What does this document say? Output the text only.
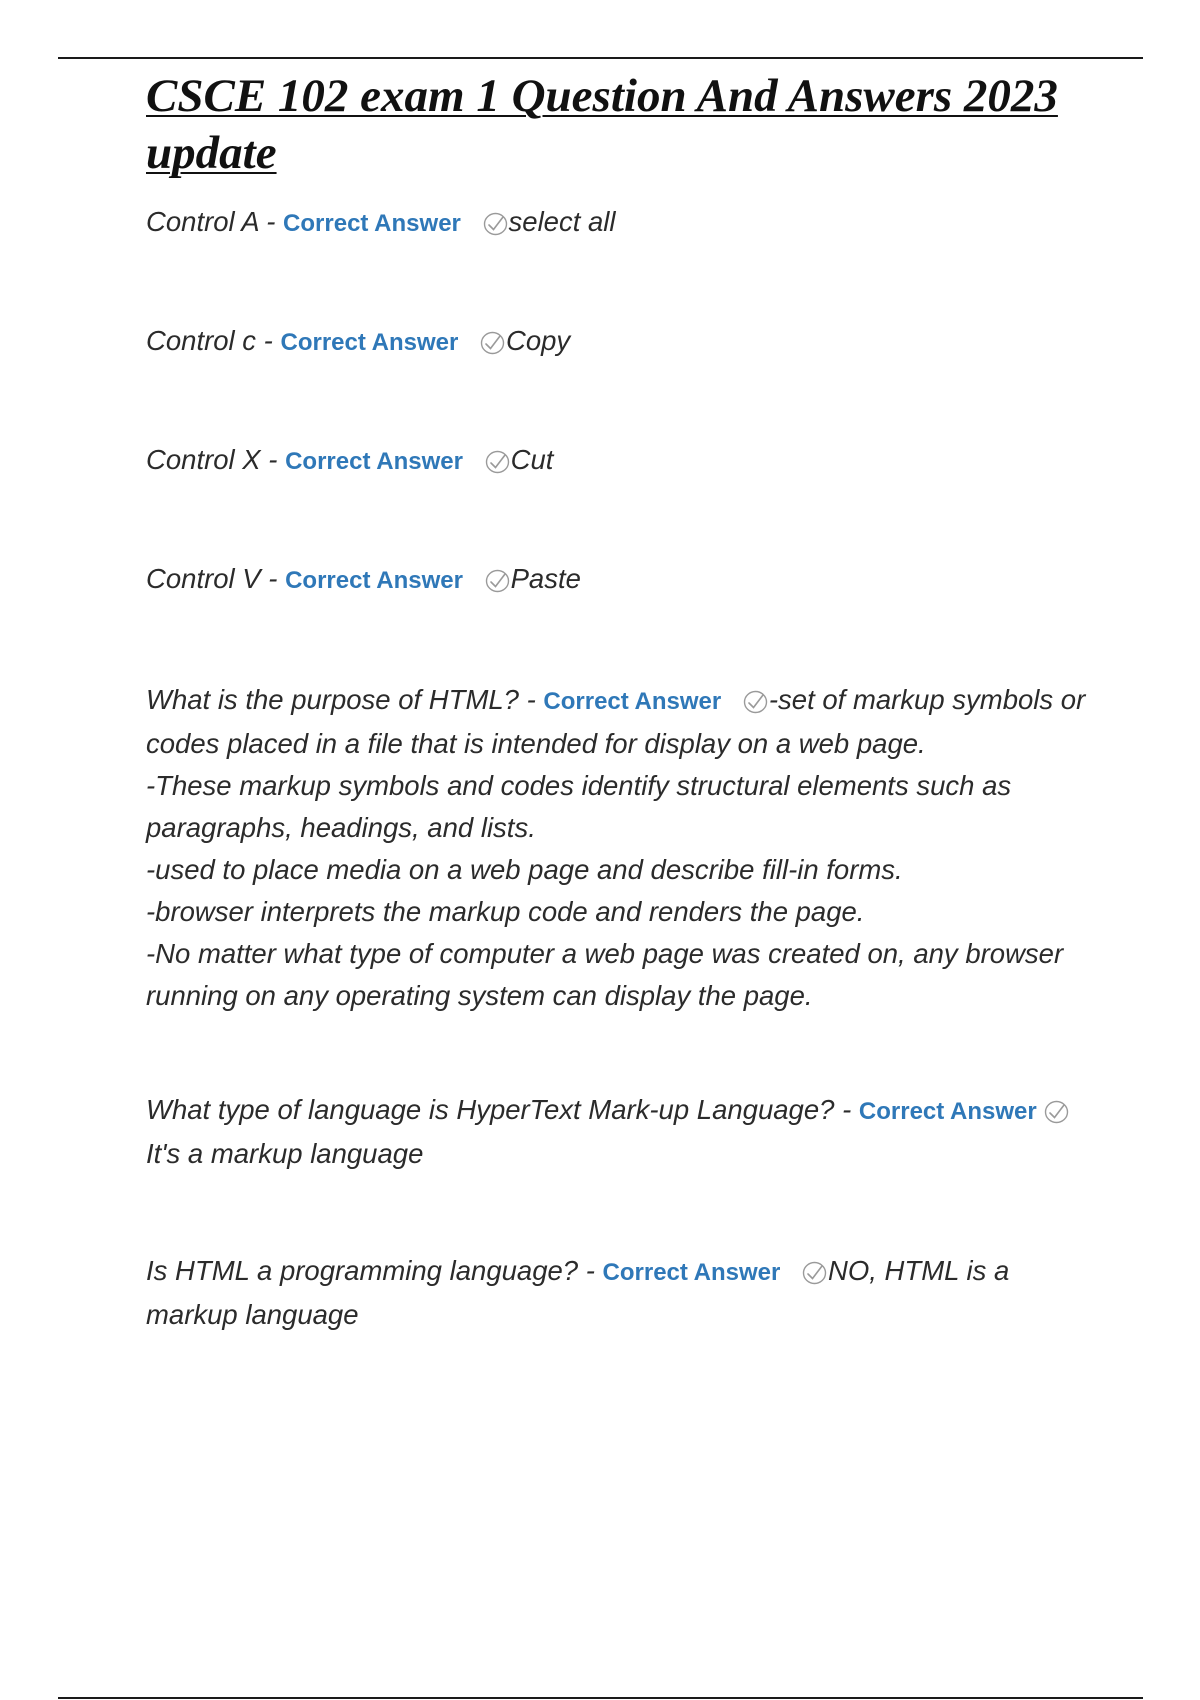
CSCE 102 exam 1 Question And Answers 2023 update

Control A - Correct Answer select all

Control c - Correct Answer Copy

Control X - Correct Answer Cut

Control V - Correct Answer Paste

What is the purpose of HTML? - Correct Answer -set of markup symbols or codes placed in a file that is intended for display on a web page.

-These markup symbols and codes identify structural elements such as paragraphs, headings, and lists.

-used to place media on a web page and describe fill-in forms.

-browser interprets the markup code and renders the page.

-No matter what type of computer a web page was created on, any browser running on any operating system can display the page.

What type of language is HyperText Mark-up Language? - Correct Answer
It's a markup language

Is HTML a programming language? - Correct Answer NO, HTML is a markup language
